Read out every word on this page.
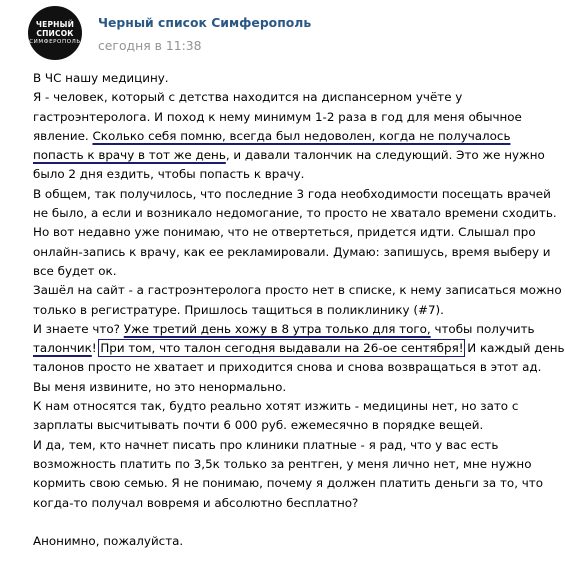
ЧЕРНЫЙ
СПИСОК
СИМФЕРОПОЛЬ
Черный список Симферополь
сегодня в 11:38
В ЧС нашу медицину.
Я - человек, который с детства находится на диспансерном учёте у
гастроэнтеролога. И поход к нему минимум 1-2 раза в год для меня обычное
явление. Сколько себя помню, всегда был недоволен, когда не получалось
попасть к врачу в тот же день, и давали талончик на следующий. Это же нужно
было 2 дня ездить, чтобы попасть к врачу.
В общем, так получилось, что последние 3 года необходимости посещать врачей
не было, а если и возникало недомогание, то просто не хватало времени сходить.
Но вот недавно уже понимаю, что не отвертеться, придется идти. Слышал про
онлайн-запись к врачу, как ее рекламировали. Думаю: запишусь, время выберу и
все будет ок.
Зашёл на сайт - а гастроэнтеролога просто нет в списке, к нему записаться можно
только в регистратуре. Пришлось тащиться в поликлинику (#7).
И знаете что? Уже третий день хожу в 8 утра только для того, чтобы получить
талончик! При том, что талон сегодня выдавали на 26-ое сентября! И каждый день
талонов просто не хватает и приходится снова и снова возвращаться в этот ад.
Вы меня извините, но это ненормально.
К нам относятся так, будто реально хотят изжить - медицины нет, но зато с
зарплаты высчитывать почти 6 000 руб. ежемесячно в порядке вещей.
И да, тем, кто начнет писать про клиники платные - я рад, что у вас есть
возможность платить по 3,5к только за рентген, у меня лично нет, мне нужно
кормить свою семью. Я не понимаю, почему я должен платить деньги за то, что
когда-то получал вовремя и абсолютно бесплатно?
Анонимно, пожалуйста.
